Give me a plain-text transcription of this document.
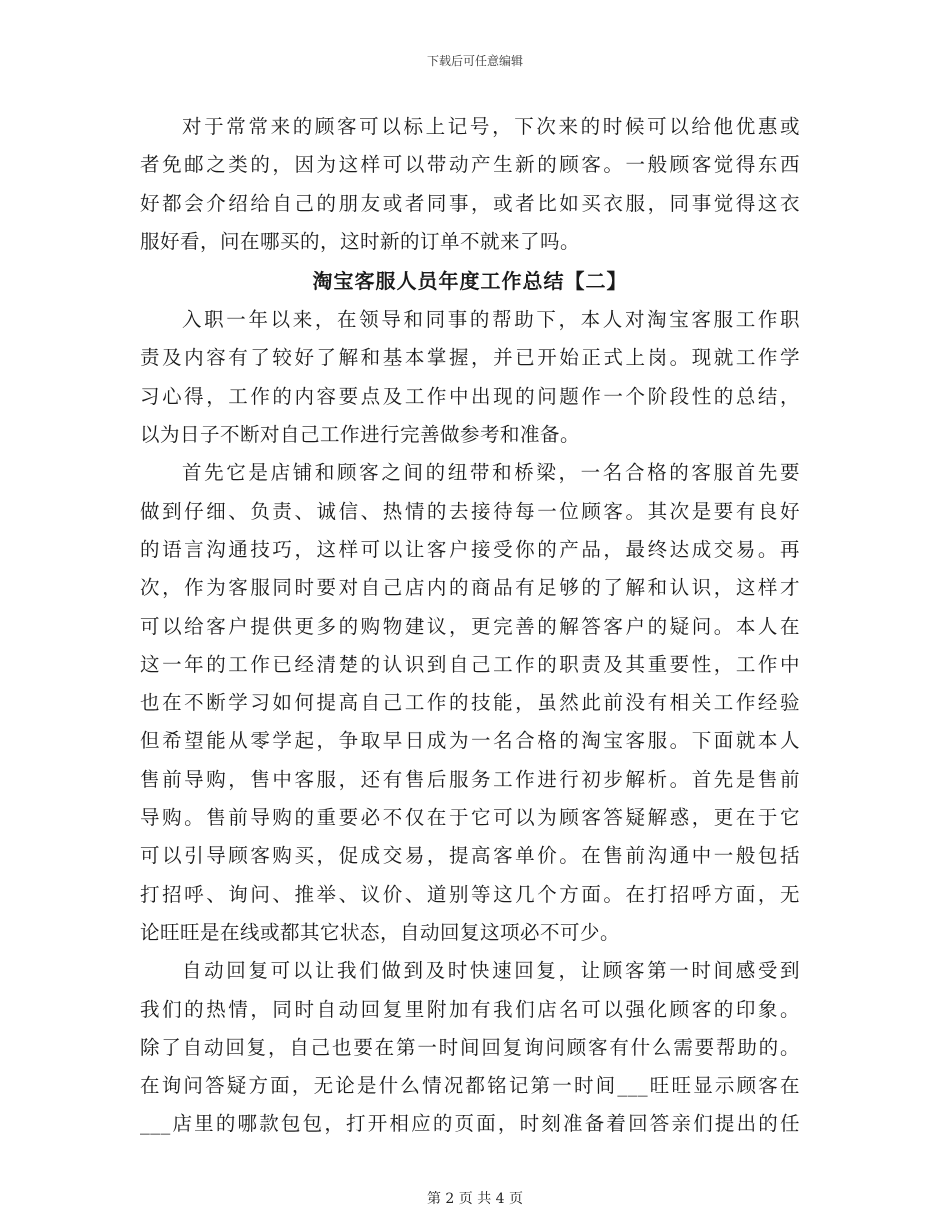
下载后可任意编辑
对于常常来的顾客可以标上记号，下次来的时候可以给他优惠或
者免邮之类的，因为这样可以带动产生新的顾客。一般顾客觉得东西
好都会介绍给自己的朋友或者同事，或者比如买衣服，同事觉得这衣
服好看，问在哪买的，这时新的订单不就来了吗。
淘宝客服人员年度工作总结【二】
入职一年以来，在领导和同事的帮助下，本人对淘宝客服工作职
责及内容有了较好了解和基本掌握，并已开始正式上岗。现就工作学
习心得，工作的内容要点及工作中出现的问题作一个阶段性的总结，
以为日子不断对自己工作进行完善做参考和准备。
首先它是店铺和顾客之间的纽带和桥梁，一名合格的客服首先要
做到仔细、负责、诚信、热情的去接待每一位顾客。其次是要有良好
的语言沟通技巧，这样可以让客户接受你的产品，最终达成交易。再
次，作为客服同时要对自己店内的商品有足够的了解和认识，这样才
可以给客户提供更多的购物建议，更完善的解答客户的疑问。本人在
这一年的工作已经清楚的认识到自己工作的职责及其重要性，工作中
也在不断学习如何提高自己工作的技能，虽然此前没有相关工作经验
但希望能从零学起，争取早日成为一名合格的淘宝客服。下面就本人
售前导购，售中客服，还有售后服务工作进行初步解析。首先是售前
导购。售前导购的重要必不仅在于它可以为顾客答疑解惑，更在于它
可以引导顾客购买，促成交易，提高客单价。在售前沟通中一般包括
打招呼、询问、推举、议价、道别等这几个方面。在打招呼方面，无
论旺旺是在线或都其它状态，自动回复这项必不可少。
自动回复可以让我们做到及时快速回复，让顾客第一时间感受到
我们的热情，同时自动回复里附加有我们店名可以强化顾客的印象。
除了自动回复，自己也要在第一时间回复询问顾客有什么需要帮助的。
在询问答疑方面，无论是什么情况都铭记第一时间___旺旺显示顾客在
___店里的哪款包包，打开相应的页面，时刻准备着回答亲们提出的任
第 2 页 共 4 页
